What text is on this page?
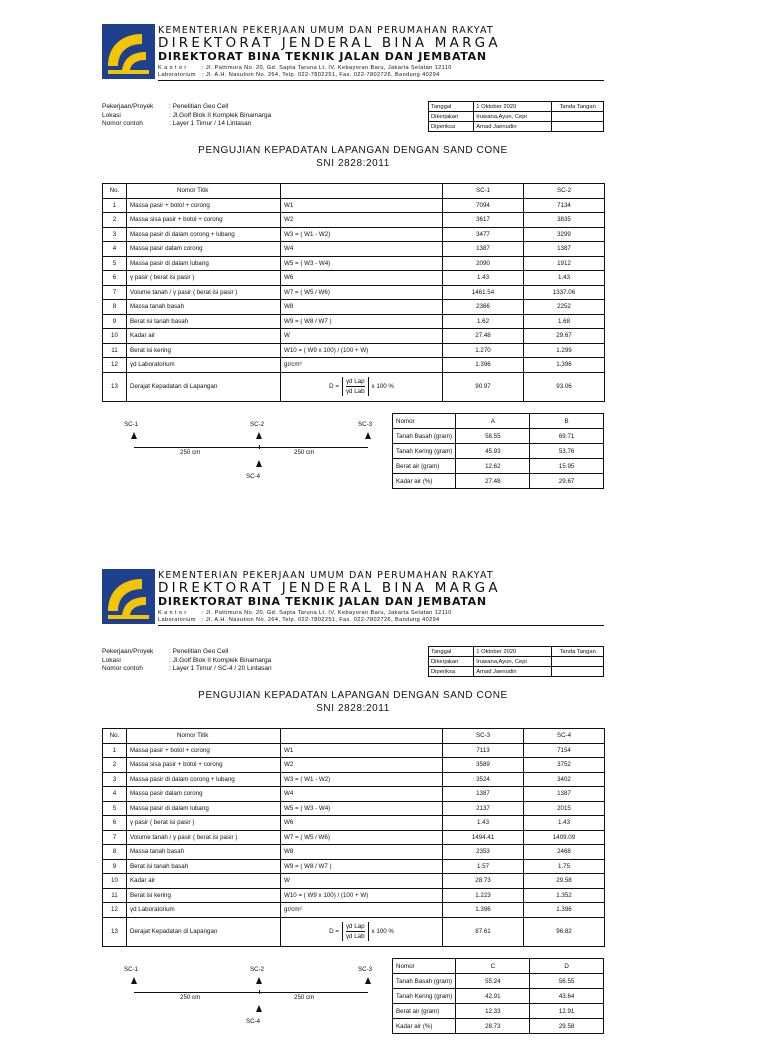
KEMENTERIAN PEKERJAAN UMUM DAN PERUMAHAN RAKYAT
DIREKTORAT JENDERAL BINA MARGA
DIREKTORAT BINA TEKNIK JALAN DAN JEMBATAN
K a n t o r	: Jl. Pattimura No. 20, Gd. Sapta Taruna Lt. IV, Kebayoran Baru, Jakarta Selatan 12110
Laboratorium : Jl. A.H. Nasution No. 264, Telp. 022-7802251, Fax. 022-7802726, Bandung 40294
Pekerjaan/Proyek : Penelitian Geo Cell
Lokasi	: Jl.Golf Blok II Komplek Binamarga
Nomor contoh	: Layer 1 Timur / 14 Lintasan
Tanggal	1 Oktober 2020	Tanda Tangan
Dikerjakan	Iruwana,Ayun, Cepi	
Diperiksa	Amad Jaenudin	
PENGUJIAN KEPADATAN LAPANGAN DENGAN SAND CONE
SNI 2828:2011
No.	Nomor Titik		SC-1	SC-2
1	Massa pasir + botol + corong	W1	7094	7134
2	Massa sisa pasir + botol + corong	W2	3617	3835
3	Massa pasir di dalam corong + lubang	W3 = ( W1 - W2)	3477	3299
4	Massa pasir dalam corong	W4	1387	1387
5	Massa pasir di dalam lubang	W5 = ( W3 - W4)	2090	1912
6	γ pasir ( berat isi pasir )	W6	1.43	1.43
7	Volume tanah / γ pasir ( berat isi pasir )	W7 = ( W5 / W6)	1461.54	1337.06
8	Massa tanah basah	W8	2366	2252
9	Berat isi tanah basah	W9 = ( W8 / W7 )	1.62	1.68
10	Kadar air	W	27.48	29.67
11	Berat isi kering	W10 = ( W9 x 100) / (100 + W)	1.270	1.299
12	γd Laboratorium	gr/cm³	1.396	1.396
13	Derajat Kepadatan di Lapangan	$D = \frac{\text{γd Lap}}{\text{γd Lab}}$ x 100 %	90.97	93.06
SC-1	SC-2	SC-3
250 cm	250 cm
SC-4
Nomor	A	B
Tanah Basah (gram)	58.55	69.71
Tanah Kering (gram)	45.93	53.76
Berat air (gram)	12.62	15.95
Kadar air (%)	27.48	29.67
KEMENTERIAN PEKERJAAN UMUM DAN PERUMAHAN RAKYAT
DIREKTORAT JENDERAL BINA MARGA
DIREKTORAT BINA TEKNIK JALAN DAN JEMBATAN
K a n t o r	: Jl. Pattimura No. 20, Gd. Sapta Taruna Lt. IV, Kebayoran Baru, Jakarta Selatan 12110
Laboratorium : Jl. A.H. Nasution No. 264, Telp. 022-7802251, Fax. 022-7802726, Bandung 40294
Pekerjaan/Proyek : Penelitian Geo Cell
Lokasi	: Jl.Golf Blok II Komplek Binamarga
Nomor contoh	: Layer 1 Timur / SC-4 / 20 Lintasan
Tanggal	1 Oktober 2020	Tanda Tangan
Dikerjakan	Iruwana,Ayun, Cepi	
Diperiksa	Amad Jaenudin	
PENGUJIAN KEPADATAN LAPANGAN DENGAN SAND CONE
SNI 2828:2011
No.	Nomor Titik		SC-3	SC-4
1	Massa pasir + botol + corong	W1	7113	7154
2	Massa sisa pasir + botol + corong	W2	3589	3752
3	Massa pasir di dalam corong + lubang	W3 = ( W1 - W2)	3524	3402
4	Massa pasir dalam corong	W4	1387	1387
5	Massa pasir di dalam lubang	W5 = ( W3 - W4)	2137	2015
6	γ pasir ( berat isi pasir )	W6	1.43	1.43
7	Volume tanah / γ pasir ( berat isi pasir )	W7 = ( W5 / W6)	1494.41	1409.09
8	Massa tanah basah	W8	2353	2468
9	Berat isi tanah basah	W9 = ( W8 / W7 )	1.57	1.75
10	Kadar air	W	28.73	29.58
11	Berat isi kering	W10 = ( W9 x 100) / (100 + W)	1.223	1.352
12	γd Laboratorium	gr/cm³	1.396	1.396
13	Derajat Kepadatan di Lapangan	$D = \frac{\text{γd Lap}}{\text{γd Lab}}$ x 100 %	87.61	96.82
SC-1	SC-2	SC-3
250 cm	250 cm
SC-4
Nomor	C	D
Tanah Basah (gram)	55.24	56.55
Tanah Kering (gram)	42.91	43.64
Berat air (gram)	12.33	12.91
Kadar air (%)	28.73	29.58
